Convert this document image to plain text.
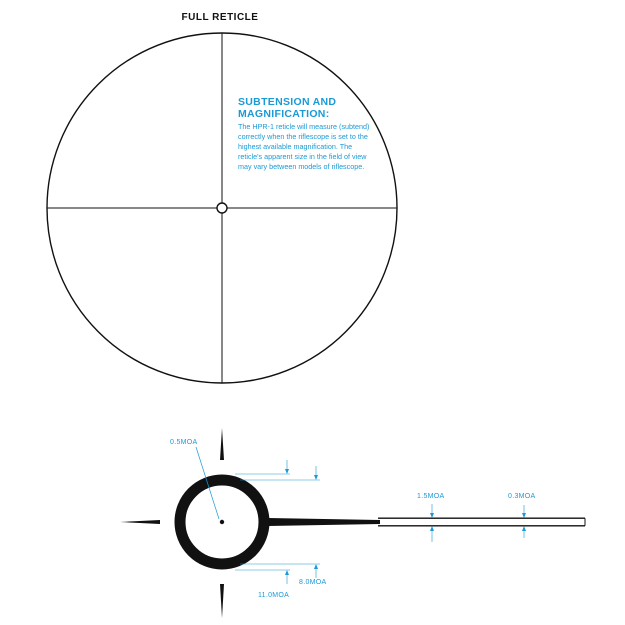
FULL RETICLE
0.5MOA
8.0MOA
11.0MOA
1.5MOA	0.3MOA
SUBTENSION AND
MAGNIFICATION:
The HPR-1 reticle will measure (subtend) correctly when the riflescope is set to the highest available magnification. The reticle's apparent size in the field of view may vary between models of riflescope.
